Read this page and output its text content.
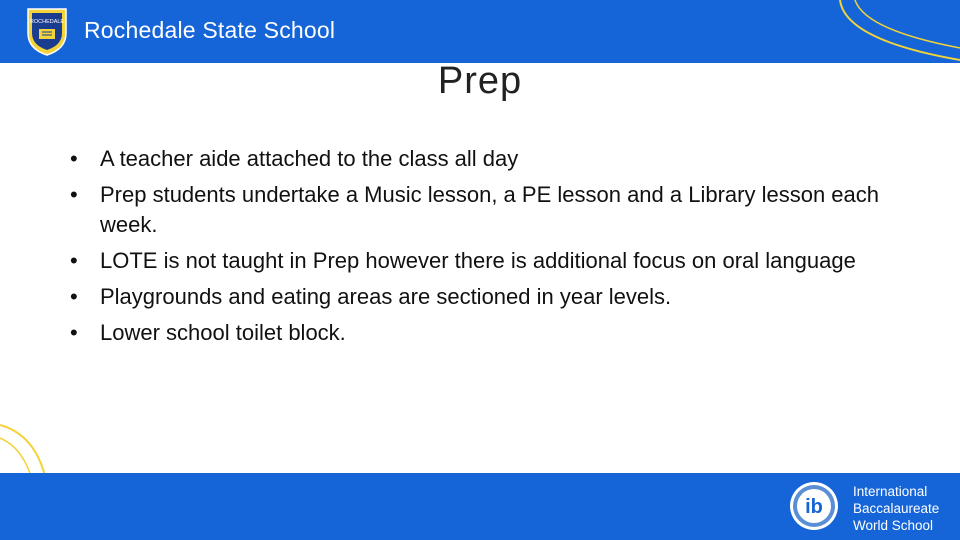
ROCHEDALE Rochedale State School
Prep
•	A teacher aide attached to the class all day
•	Prep students undertake a Music lesson, a PE lesson and a Library lesson each week.
•	LOTE is not taught in Prep however there is additional focus on oral language
•	Playgrounds and eating areas are sectioned in year levels.
•	Lower school toilet block.
ib
International
Baccalaureate
World School
